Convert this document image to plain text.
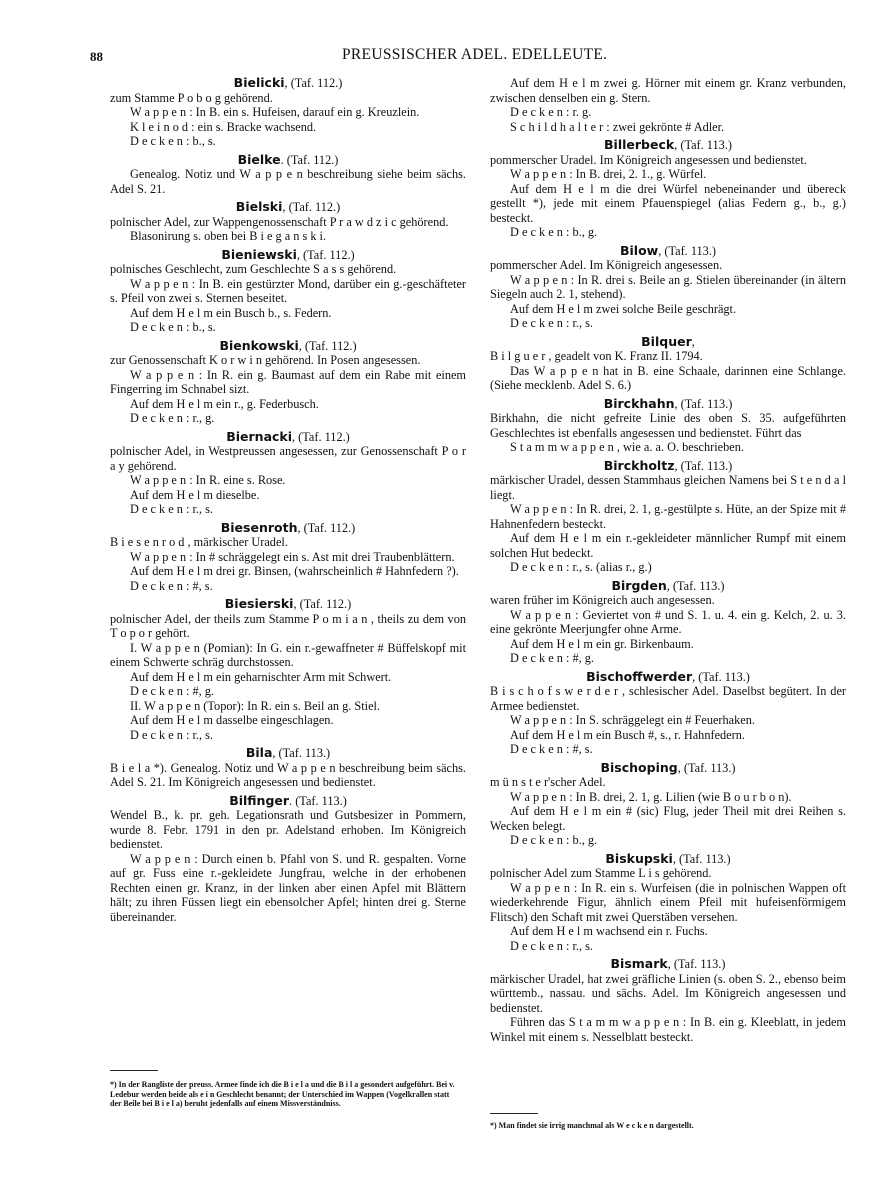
88	PREUSSISCHER ADEL. EDELLEUTE.
Bielicki, (Taf. 112.)
zum Stamme P o b o g gehörend.
W a p p e n : In B. ein s. Hufeisen, darauf ein g. Kreuzlein.
K l e i n o d : ein s. Bracke wachsend.
D e c k e n : b., s.
Bielke. (Taf. 112.)
Genealog. Notiz und W a p p e n beschreibung siehe beim sächs. Adel S. 21.
Bielski, (Taf. 112.)
polnischer Adel, zur Wappengenossenschaft P r a w d z i c gehörend.
Blasonirung s. oben bei B i e g a n s k i.
Bieniewski, (Taf. 112.)
polnisches Geschlecht, zum Geschlechte S a s s gehörend.
W a p p e n : In B. ein gestürzter Mond, darüber ein g.-geschäfteter s. Pfeil von zwei s. Sternen beseitet.
Auf dem H e l m ein Busch b., s. Federn.
D e c k e n : b., s.
Bienkowski, (Taf. 112.)
zur Genossenschaft K o r w i n gehörend. In Posen angesessen.
W a p p e n : In R. ein g. Baumast auf dem ein Rabe mit einem Fingerring im Schnabel sizt.
Auf dem H e l m ein r., g. Federbusch.
D e c k e n : r., g.
Biernacki, (Taf. 112.)
polnischer Adel, in Westpreussen angesessen, zur Genossenschaft P o r a y gehörend.
W a p p e n : In R. eine s. Rose.
Auf dem H e l m dieselbe.
D e c k e n : r., s.
Biesenroth, (Taf. 112.)
B i e s e n r o d , märkischer Uradel.
W a p p e n : In # schräggelegt ein s. Ast mit drei Traubenblättern.
Auf dem H e l m drei gr. Binsen, (wahrscheinlich # Hahnfedern ?).
D e c k e n : #, s.
Biesierski, (Taf. 112.)
polnischer Adel, der theils zum Stamme P o m i a n , theils zu dem von T o p o r gehört.
I. W a p p e n (Pomian): In G. ein r.-gewaffneter # Büffelskopf mit einem Schwerte schräg durchstossen.
Auf dem H e l m ein geharnischter Arm mit Schwert.
D e c k e n : #, g.
II. W a p p e n (Topor): In R. ein s. Beil an g. Stiel.
Auf dem H e l m dasselbe eingeschlagen.
D e c k e n : r., s.
Bila, (Taf. 113.)
B i e l a *). Genealog. Notiz und W a p p e n beschreibung beim sächs. Adel S. 21. Im Königreich angesessen und bedienstet.
Bilfinger. (Taf. 113.)
Wendel B., k. pr. geh. Legationsrath und Gutsbesizer in Pommern, wurde 8. Febr. 1791 in den pr. Adelstand erhoben. Im Königreich bedienstet.
W a p p e n : Durch einen b. Pfahl von S. und R. gespalten. Vorne auf gr. Fuss eine r.-gekleidete Jungfrau, welche in der erhobenen Rechten einen gr. Kranz, in der linken aber einen Apfel mit Blättern hält; zu ihren Füssen liegt ein ebensolcher Apfel; hinten drei g. Sterne übereinander.
Auf dem H e l m zwei g. Hörner mit einem gr. Kranz verbunden, zwischen denselben ein g. Stern.
D e c k e n : r. g.
S c h i l d h a l t e r : zwei gekrönte # Adler.
Billerbeck, (Taf. 113.)
pommerscher Uradel. Im Königreich angesessen und bedienstet.
W a p p e n : In B. drei, 2. 1., g. Würfel.
Auf dem H e l m die drei Würfel nebeneinander und übereck gestellt *), jede mit einem Pfauenspiegel (alias Federn g., b., g.) besteckt.
D e c k e n : b., g.
Bilow, (Taf. 113.)
pommerscher Adel. Im Königreich angesessen.
W a p p e n : In R. drei s. Beile an g. Stielen übereinander (in ältern Siegeln auch 2. 1, stehend).
Auf dem H e l m zwei solche Beile geschrägt.
D e c k e n : r., s.
Bilquer,
B i l g u e r , geadelt von K. Franz II. 1794.
Das W a p p e n hat in B. eine Schaale, darinnen eine Schlange. (Siehe mecklenb. Adel S. 6.)
Birckhahn, (Taf. 113.)
Birkhahn, die nicht gefreite Linie des oben S. 35. aufgeführten Geschlechtes ist ebenfalls angesessen und bedienstet. Führt das
S t a m m w a p p e n , wie a. a. O. beschrieben.
Birckholtz, (Taf. 113.)
märkischer Uradel, dessen Stammhaus gleichen Namens bei S t e n d a l liegt.
W a p p e n : In R. drei, 2. 1, g.-gestülpte s. Hüte, an der Spize mit # Hahnenfedern besteckt.
Auf dem H e l m ein r.-gekleideter männlicher Rumpf mit einem solchen Hut bedeckt.
D e c k e n : r., s. (alias r., g.)
Birgden, (Taf. 113.)
waren früher im Königreich auch angesessen.
W a p p e n : Geviertet von # und S. 1. u. 4. ein g. Kelch, 2. u. 3. eine gekrönte Meerjungfer ohne Arme.
Auf dem H e l m ein gr. Birkenbaum.
D e c k e n : #, g.
Bischoffwerder, (Taf. 113.)
B i s c h o f s w e r d e r , schlesischer Adel. Daselbst begütert. In der Armee bedienstet.
W a p p e n : In S. schräggelegt ein # Feuerhaken.
Auf dem H e l m ein Busch #, s., r. Hahnfedern.
D e c k e n : #, s.
Bischoping, (Taf. 113.)
m ü n s t e r'scher Adel.
W a p p e n : In B. drei, 2. 1, g. Lilien (wie B o u r b o n).
Auf dem H e l m ein # (sic) Flug, jeder Theil mit drei Reihen s. Wecken belegt.
D e c k e n : b., g.
Biskupski, (Taf. 113.)
polnischer Adel zum Stamme L i s gehörend.
W a p p e n : In R. ein s. Wurfeisen (die in polnischen Wappen oft wiederkehrende Figur, ähnlich einem Pfeil mit hufeisenförmigem Flitsch) den Schaft mit zwei Querstäben versehen.
Auf dem H e l m wachsend ein r. Fuchs.
D e c k e n : r., s.
Bismark, (Taf. 113.)
märkischer Uradel, hat zwei gräfliche Linien (s. oben S. 2., ebenso beim württemb., nassau. und sächs. Adel. Im Königreich angesessen und bedienstet.
Führen das S t a m m w a p p e n : In B. ein g. Kleeblatt, in jedem Winkel mit einem s. Nesselblatt besteckt.
*) In der Rangliste der preuss. Armee finde ich die B i e l a und die B i l a gesondert aufgeführt. Bei v. Ledebur werden beide als e i n Geschlecht benannt; der Unterschied im Wappen (Vogelkrallen statt der Beile bei B i e l a) beruht jedenfalls auf einem Missverständniss.
*) Man findet sie irrig manchmal als W e c k e n dargestellt.
